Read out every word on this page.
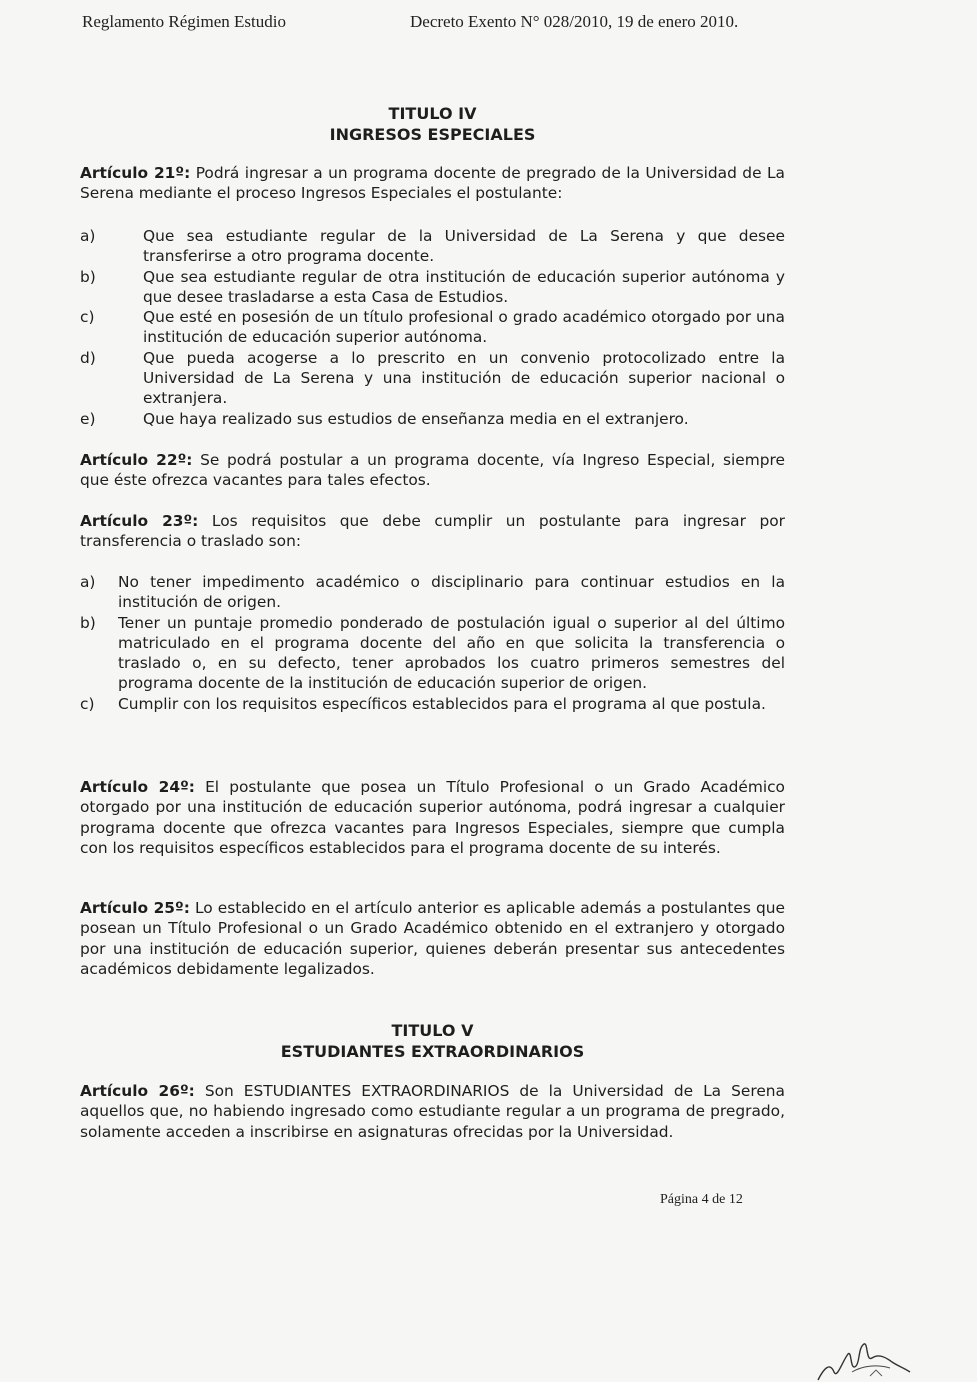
Reglamento Régimen Estudio	Decreto Exento N° 028/2010, 19 de enero 2010.
TITULO IV
INGRESOS ESPECIALES
Artículo 21º: Podrá ingresar a un programa docente de pregrado de la Universidad de La Serena mediante el proceso Ingresos Especiales el postulante:
a)	Que sea estudiante regular de la Universidad de La Serena y que desee transferirse a otro programa docente.
b)	Que sea estudiante regular de otra institución de educación superior autónoma y que desee trasladarse a esta Casa de Estudios.
c)	Que esté en posesión de un título profesional o grado académico otorgado por una institución de educación superior autónoma.
d)	Que pueda acogerse a lo prescrito en un convenio protocolizado entre la Universidad de La Serena y una institución de educación superior nacional o extranjera.
e)	Que haya realizado sus estudios de enseñanza media en el extranjero.
Artículo 22º: Se podrá postular a un programa docente, vía Ingreso Especial, siempre que éste ofrezca vacantes para tales efectos.
Artículo 23º: Los requisitos que debe cumplir un postulante para ingresar por transferencia o traslado son:
a) No tener impedimento académico o disciplinario para continuar estudios en la institución de origen.
b) Tener un puntaje promedio ponderado de postulación igual o superior al del último matriculado en el programa docente del año en que solicita la transferencia o traslado o, en su defecto, tener aprobados los cuatro primeros semestres del programa docente de la institución de educación superior de origen.
c) Cumplir con los requisitos específicos establecidos para el programa al que postula.
Artículo 24º: El postulante que posea un Título Profesional o un Grado Académico otorgado por una institución de educación superior autónoma, podrá ingresar a cualquier programa docente que ofrezca vacantes para Ingresos Especiales, siempre que cumpla con los requisitos específicos establecidos para el programa docente de su interés.
Artículo 25º: Lo establecido en el artículo anterior es aplicable además a postulantes que posean un Título Profesional o un Grado Académico obtenido en el extranjero y otorgado por una institución de educación superior, quienes deberán presentar sus antecedentes académicos debidamente legalizados.
TITULO V
ESTUDIANTES EXTRAORDINARIOS
Artículo 26º: Son ESTUDIANTES EXTRAORDINARIOS de la Universidad de La Serena aquellos que, no habiendo ingresado como estudiante regular a un programa de pregrado, solamente acceden a inscribirse en asignaturas ofrecidas por la Universidad.
Página 4 de 12
